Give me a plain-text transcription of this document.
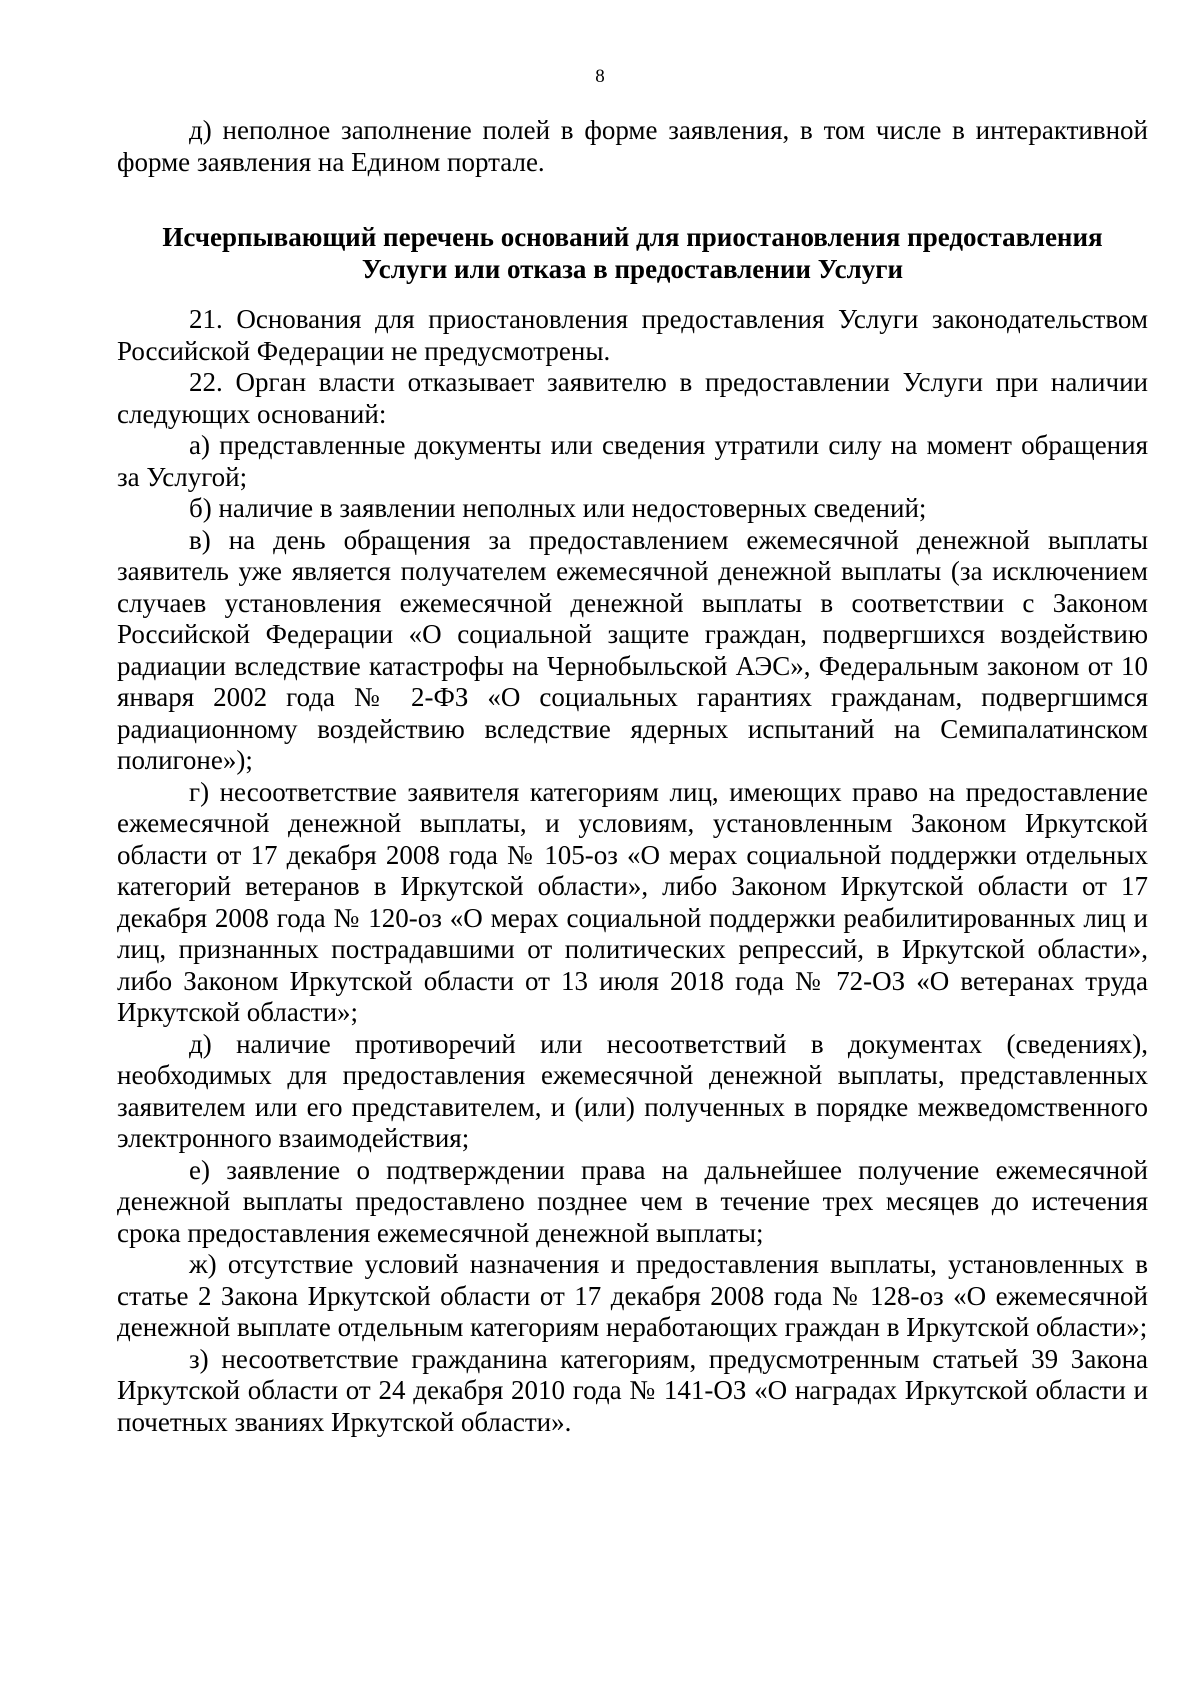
8

д) неполное заполнение полей в форме заявления, в том числе в интерактивной форме заявления на Едином портале.

Исчерпывающий перечень оснований для приостановления предоставления
Услуги или отказа в предоставлении Услуги

21. Основания для приостановления предоставления Услуги законодательством Российской Федерации не предусмотрены.

22. Орган власти отказывает заявителю в предоставлении Услуги при наличии следующих оснований:

а) представленные документы или сведения утратили силу на момент обращения за Услугой;

б) наличие в заявлении неполных или недостоверных сведений;

в) на день обращения за предоставлением ежемесячной денежной выплаты заявитель уже является получателем ежемесячной денежной выплаты (за исключением случаев установления ежемесячной денежной выплаты в соответствии с Законом Российской Федерации «О социальной защите граждан, подвергшихся воздействию радиации вследствие катастрофы на Чернобыльской АЭС», Федеральным законом от 10 января 2002 года № 2-ФЗ «О социальных гарантиях гражданам, подвергшимся радиационному воздействию вследствие ядерных испытаний на Семипалатинском полигоне»);

г) несоответствие заявителя категориям лиц, имеющих право на предоставление ежемесячной денежной выплаты, и условиям, установленным Законом Иркутской области от 17 декабря 2008 года № 105-оз «О мерах социальной поддержки отдельных категорий ветеранов в Иркутской области», либо Законом Иркутской области от 17 декабря 2008 года № 120-оз «О мерах социальной поддержки реабилитированных лиц и лиц, признанных пострадавшими от политических репрессий, в Иркутской области», либо Законом Иркутской области от 13 июля 2018 года № 72-ОЗ «О ветеранах труда Иркутской области»;

д) наличие противоречий или несоответствий в документах (сведениях), необходимых для предоставления ежемесячной денежной выплаты, представленных заявителем или его представителем, и (или) полученных в порядке межведомственного электронного взаимодействия;

е) заявление о подтверждении права на дальнейшее получение ежемесячной денежной выплаты предоставлено позднее чем в течение трех месяцев до истечения срока предоставления ежемесячной денежной выплаты;

ж) отсутствие условий назначения и предоставления выплаты, установленных в статье 2 Закона Иркутской области от 17 декабря 2008 года № 128-оз «О ежемесячной денежной выплате отдельным категориям неработающих граждан в Иркутской области»;

з) несоответствие гражданина категориям, предусмотренным статьей 39 Закона Иркутской области от 24 декабря 2010 года № 141-ОЗ «О наградах Иркутской области и почетных званиях Иркутской области».
